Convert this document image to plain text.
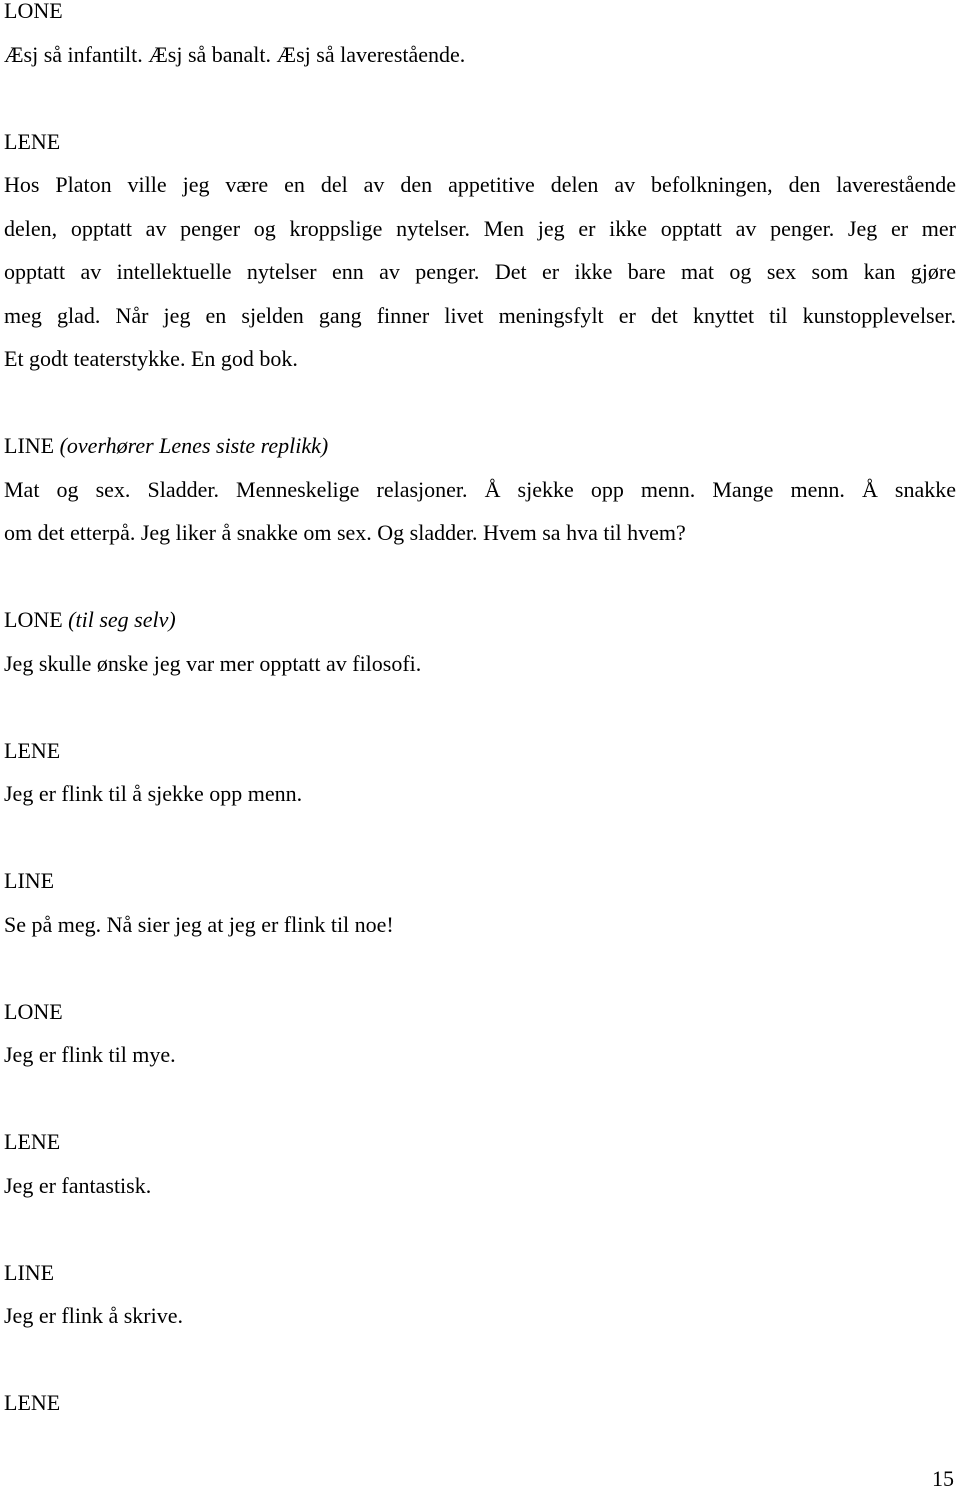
LONE
Æsj så infantilt. Æsj så banalt. Æsj så laverestående.
LENE
Hos Platon ville jeg være en del av den appetitive delen av befolkningen, den laverestående
delen, opptatt av penger og kroppslige nytelser. Men jeg er ikke opptatt av penger. Jeg er mer
opptatt av intellektuelle nytelser enn av penger. Det er ikke bare mat og sex som kan gjøre
meg glad. Når jeg en sjelden gang finner livet meningsfylt er det knyttet til kunstopplevelser.
Et godt teaterstykke. En god bok.
LINE (overhører Lenes siste replikk)
Mat og sex. Sladder. Menneskelige relasjoner. Å sjekke opp menn. Mange menn. Å snakke
om det etterpå. Jeg liker å snakke om sex. Og sladder. Hvem sa hva til hvem?
LONE (til seg selv)
Jeg skulle ønske jeg var mer opptatt av filosofi.
LENE
Jeg er flink til å sjekke opp menn.
LINE
Se på meg. Nå sier jeg at jeg er flink til noe!
LONE
Jeg er flink til mye.
LENE
Jeg er fantastisk.
LINE
Jeg er flink å skrive.
LENE
15
